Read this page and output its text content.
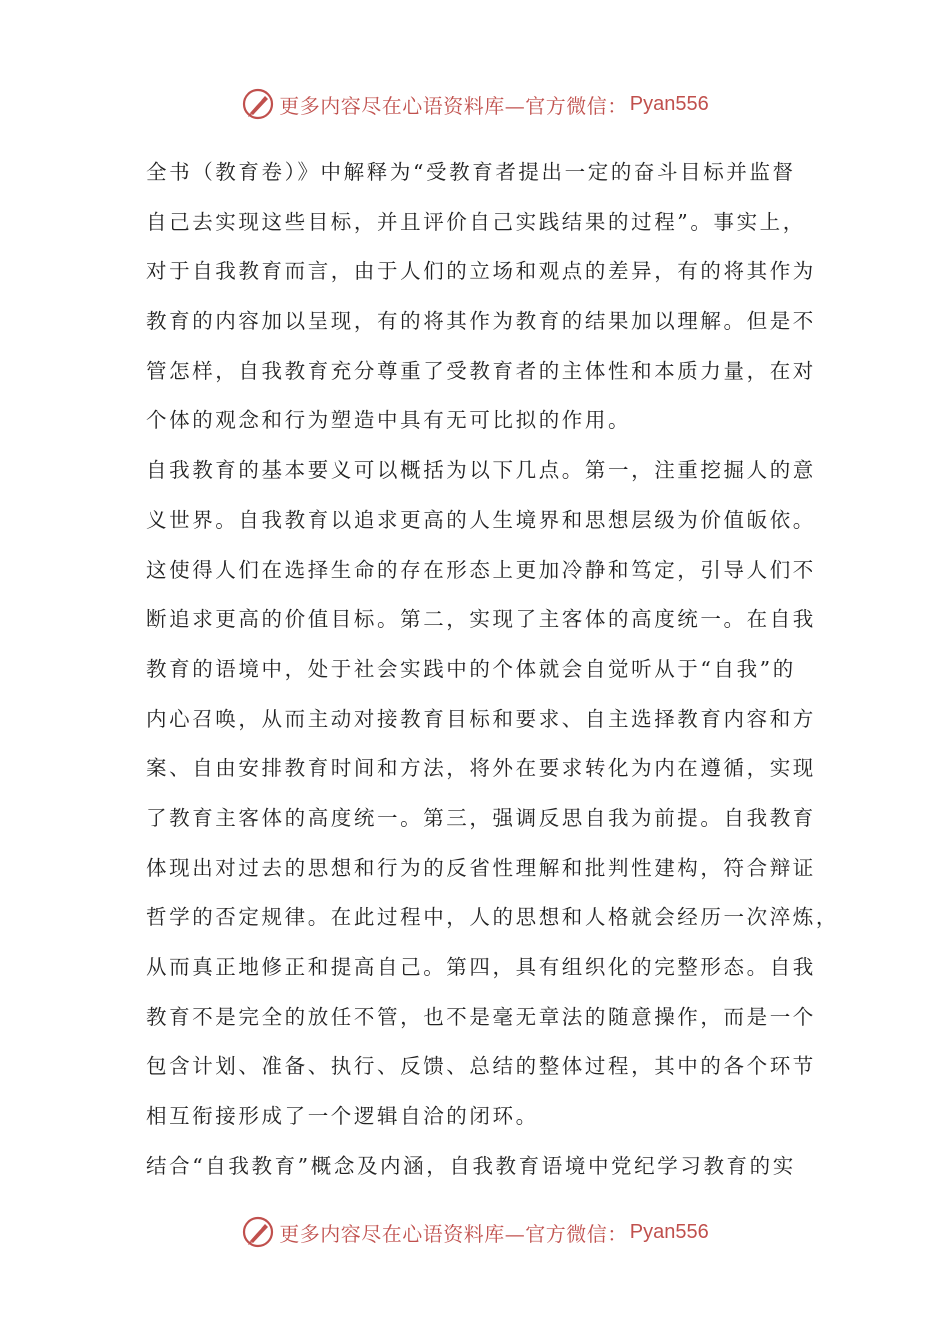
更多内容尽在心语资料库—官方微信： Pyan556
全书（教育卷）》中解释为“受教育者提出一定的奋斗目标并监督
自己去实现这些目标，并且评价自己实践结果的过程”。事实上，
对于自我教育而言，由于人们的立场和观点的差异，有的将其作为
教育的内容加以呈现，有的将其作为教育的结果加以理解。但是不
管怎样，自我教育充分尊重了受教育者的主体性和本质力量，在对
个体的观念和行为塑造中具有无可比拟的作用。
自我教育的基本要义可以概括为以下几点。第一，注重挖掘人的意
义世界。自我教育以追求更高的人生境界和思想层级为价值皈依。
这使得人们在选择生命的存在形态上更加冷静和笃定，引导人们不
断追求更高的价值目标。第二，实现了主客体的高度统一。在自我
教育的语境中，处于社会实践中的个体就会自觉听从于“自我”的
内心召唤，从而主动对接教育目标和要求、自主选择教育内容和方
案、自由安排教育时间和方法，将外在要求转化为内在遵循，实现
了教育主客体的高度统一。第三，强调反思自我为前提。自我教育
体现出对过去的思想和行为的反省性理解和批判性建构，符合辩证
哲学的否定规律。在此过程中，人的思想和人格就会经历一次淬炼，
从而真正地修正和提高自己。第四，具有组织化的完整形态。自我
教育不是完全的放任不管，也不是毫无章法的随意操作，而是一个
包含计划、准备、执行、反馈、总结的整体过程，其中的各个环节
相互衔接形成了一个逻辑自洽的闭环。
结合“自我教育”概念及内涵，自我教育语境中党纪学习教育的实
更多内容尽在心语资料库—官方微信： Pyan556
